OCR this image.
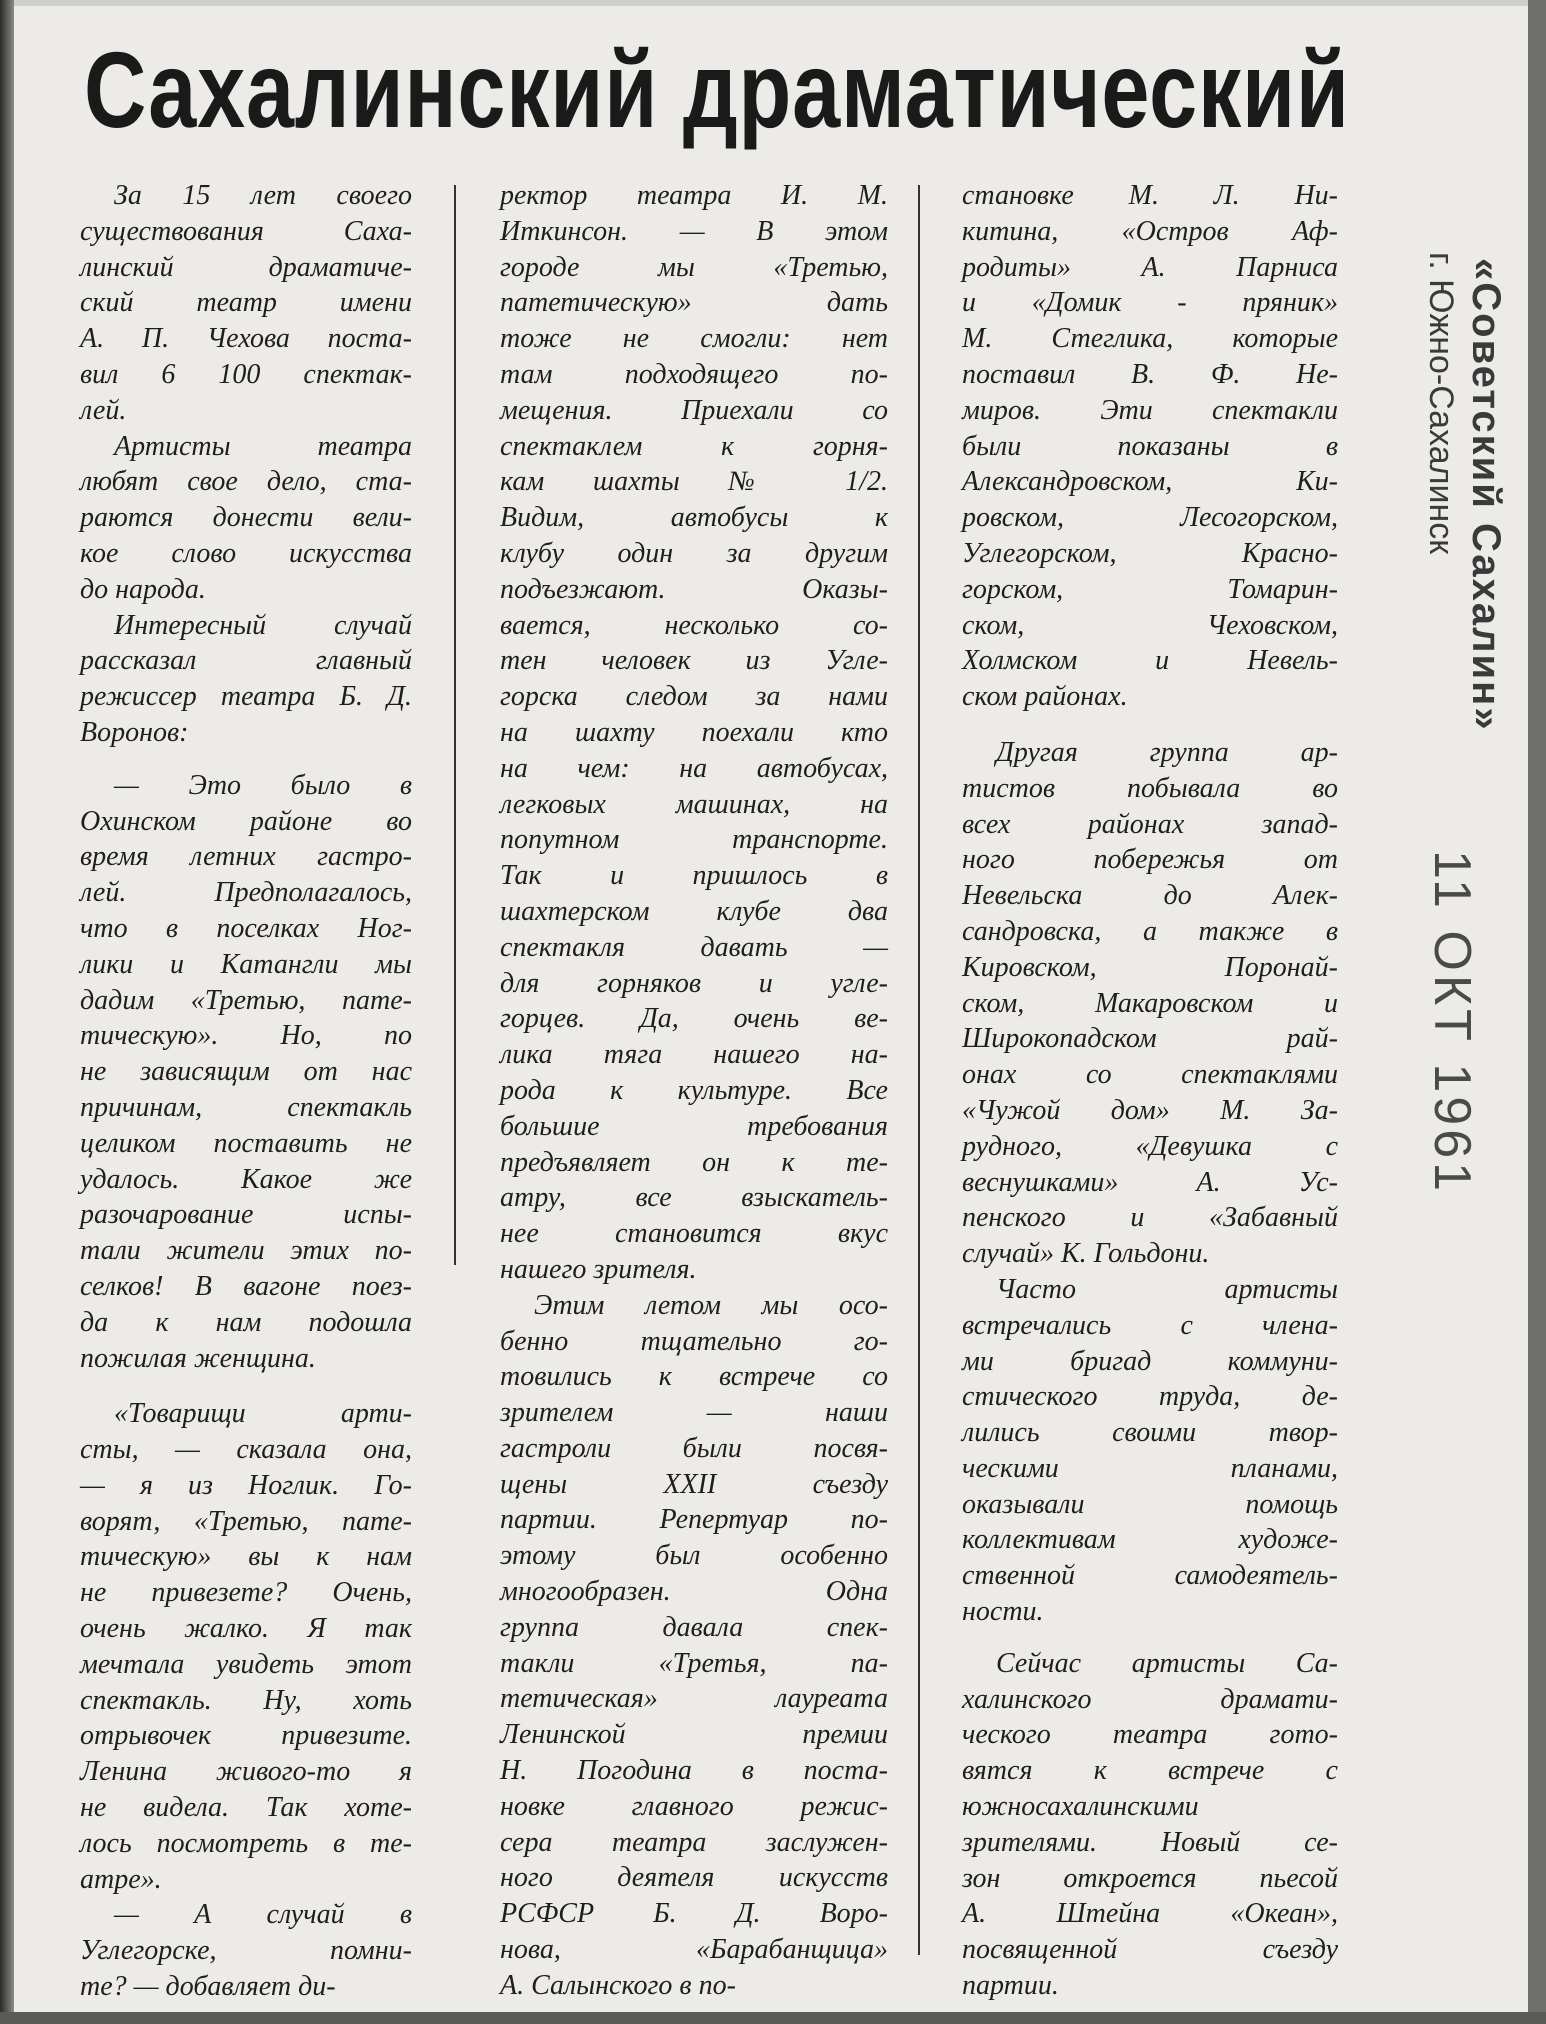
Сахалинский драматический
За 15 лет своего
существования Саха-
линский драматиче-
ский театр имени
А. П. Чехова поста-
вил 6 100 спектак-
лей.
Артисты театра
любят свое дело, ста-
раются донести вели-
кое слово искусства
до народа.
Интересный случай
рассказал главный
режиссер театра Б. Д.
Воронов:
— Это было в
Охинском районе во
время летних гастро-
лей. Предполагалось,
что в поселках Ног-
лики и Катангли мы
дадим «Третью, пате-
тическую». Но, по
не зависящим от нас
причинам, спектакль
целиком поставить не
удалось. Какое же
разочарование испы-
тали жители этих по-
селков! В вагоне поез-
да к нам подошла
пожилая женщина.
«Товарищи арти-
сты, — сказала она,
— я из Ноглик. Го-
ворят, «Третью, пате-
тическую» вы к нам
не привезете? Очень,
очень жалко. Я так
мечтала увидеть этот
спектакль. Ну, хоть
отрывочек привезите.
Ленина живого-то я
не видела. Так хоте-
лось посмотреть в те-
атре».
— А случай в
Углегорске, помни-
те? — добавляет ди-
ректор театра И. М.
Иткинсон. — В этом
городе мы «Третью,
патетическую» дать
тоже не смогли: нет
там подходящего по-
мещения. Приехали со
спектаклем к горня-
кам шахты № 1/2.
Видим, автобусы к
клубу один за другим
подъезжают. Оказы-
вается, несколько со-
тен человек из Угле-
горска следом за нами
на шахту поехали кто
на чем: на автобусах,
легковых машинах, на
попутном транспорте.
Так и пришлось в
шахтерском клубе два
спектакля давать —
для горняков и угле-
горцев. Да, очень ве-
лика тяга нашего на-
рода к культуре. Все
большие требования
предъявляет он к те-
атру, все взыскатель-
нее становится вкус
нашего зрителя.
Этим летом мы осо-
бенно тщательно го-
товились к встрече со
зрителем — наши
гастроли были посвя-
щены XXII съезду
партии. Репертуар по-
этому был особенно
многообразен. Одна
группа давала спек-
такли «Третья, па-
тетическая» лауреата
Ленинской премии
Н. Погодина в поста-
новке главного режис-
сера театра заслужен-
ного деятеля искусств
РСФСР Б. Д. Воро-
нова, «Барабанщица»
А. Салынского в по-
становке М. Л. Ни-
китина, «Остров Аф-
родиты» А. Парниса
и «Домик - пряник»
М. Стеглика, которые
поставил В. Ф. Не-
миров. Эти спектакли
были показаны в
Александровском, Ки-
ровском, Лесогорском,
Углегорском, Красно-
горском, Томарин-
ском, Чеховском,
Холмском и Невель-
ском районах.
Другая группа ар-
тистов побывала во
всех районах запад-
ного побережья от
Невельска до Алек-
сандровска, а также в
Кировском, Поронай-
ском, Макаровском и
Широкопадском рай-
онах со спектаклями
«Чужой дом» М. За-
рудного, «Девушка с
веснушками» А. Ус-
пенского и «Забавный
случай» К. Гольдони.
Часто артисты
встречались с члена-
ми бригад коммуни-
стического труда, де-
лились своими твор-
ческими планами,
оказывали помощь
коллективам художе-
ственной самодеятель-
ности.
Сейчас артисты Са-
халинского драмати-
ческого театра гото-
вятся к встрече с
южносахалинскими
зрителями. Новый се-
зон откроется пьесой
А. Штейна «Океан»,
посвященной съезду
партии.
«Советский Сахалин»
г. Южно-Сахалинск
11 ОКТ 1961
